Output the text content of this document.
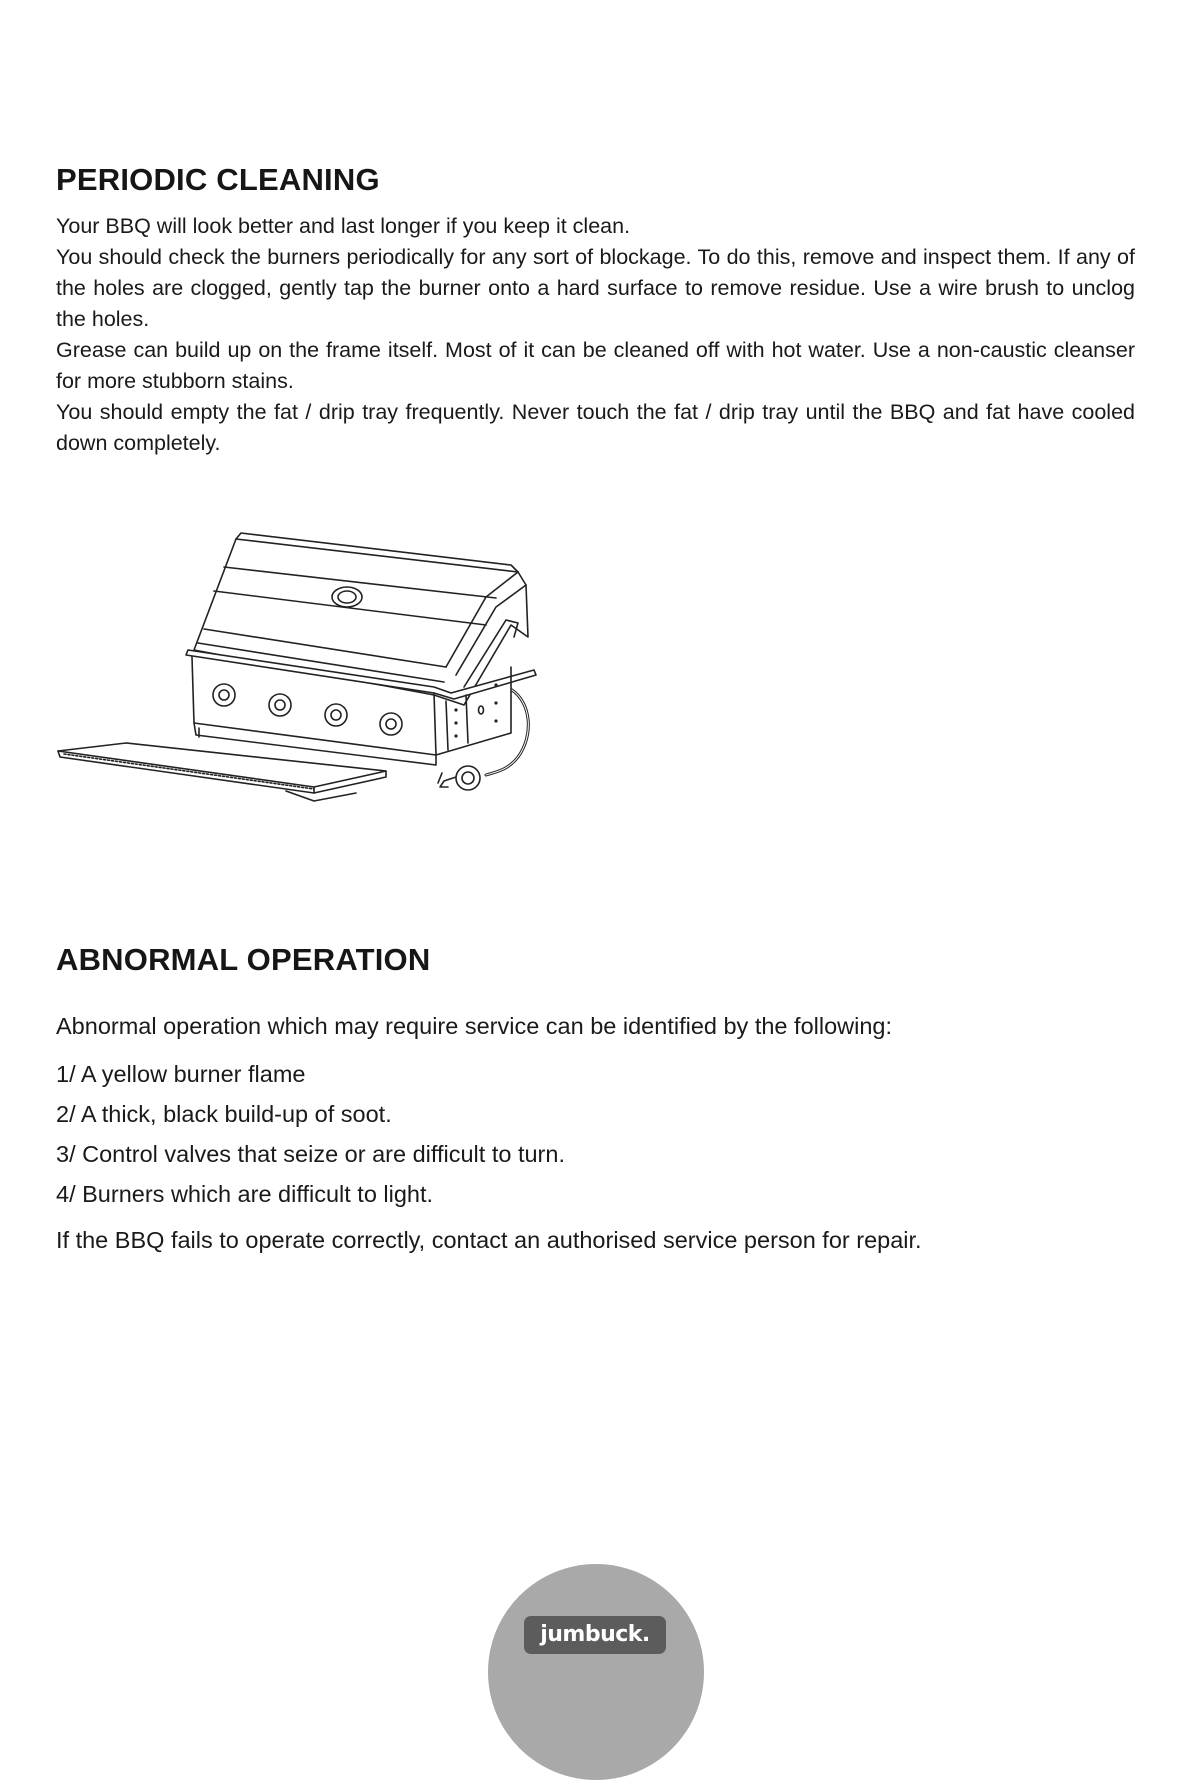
PERIODIC CLEANING

Your BBQ will look better and last longer if you keep it clean.

You should check the burners periodically for any sort of blockage. To do this, remove and inspect them. If any of the holes are clogged, gently tap the burner onto a hard surface to remove residue. Use a wire brush to unclog the holes.

Grease can build up on the frame itself. Most of it can be cleaned off with hot water. Use a non-caustic cleanser for more stubborn stains.

You should empty the fat / drip tray frequently. Never touch the fat / drip tray until the BBQ and fat have cooled down completely.

ABNORMAL OPERATION

Abnormal operation which may require service can be identified by the following:

1/ A yellow burner flame

2/ A thick, black build-up of soot.

3/ Control valves that seize or are difficult to turn.

4/ Burners which are difficult to light.

If the BBQ fails to operate correctly, contact an authorised service person for repair.

jumbuck.
